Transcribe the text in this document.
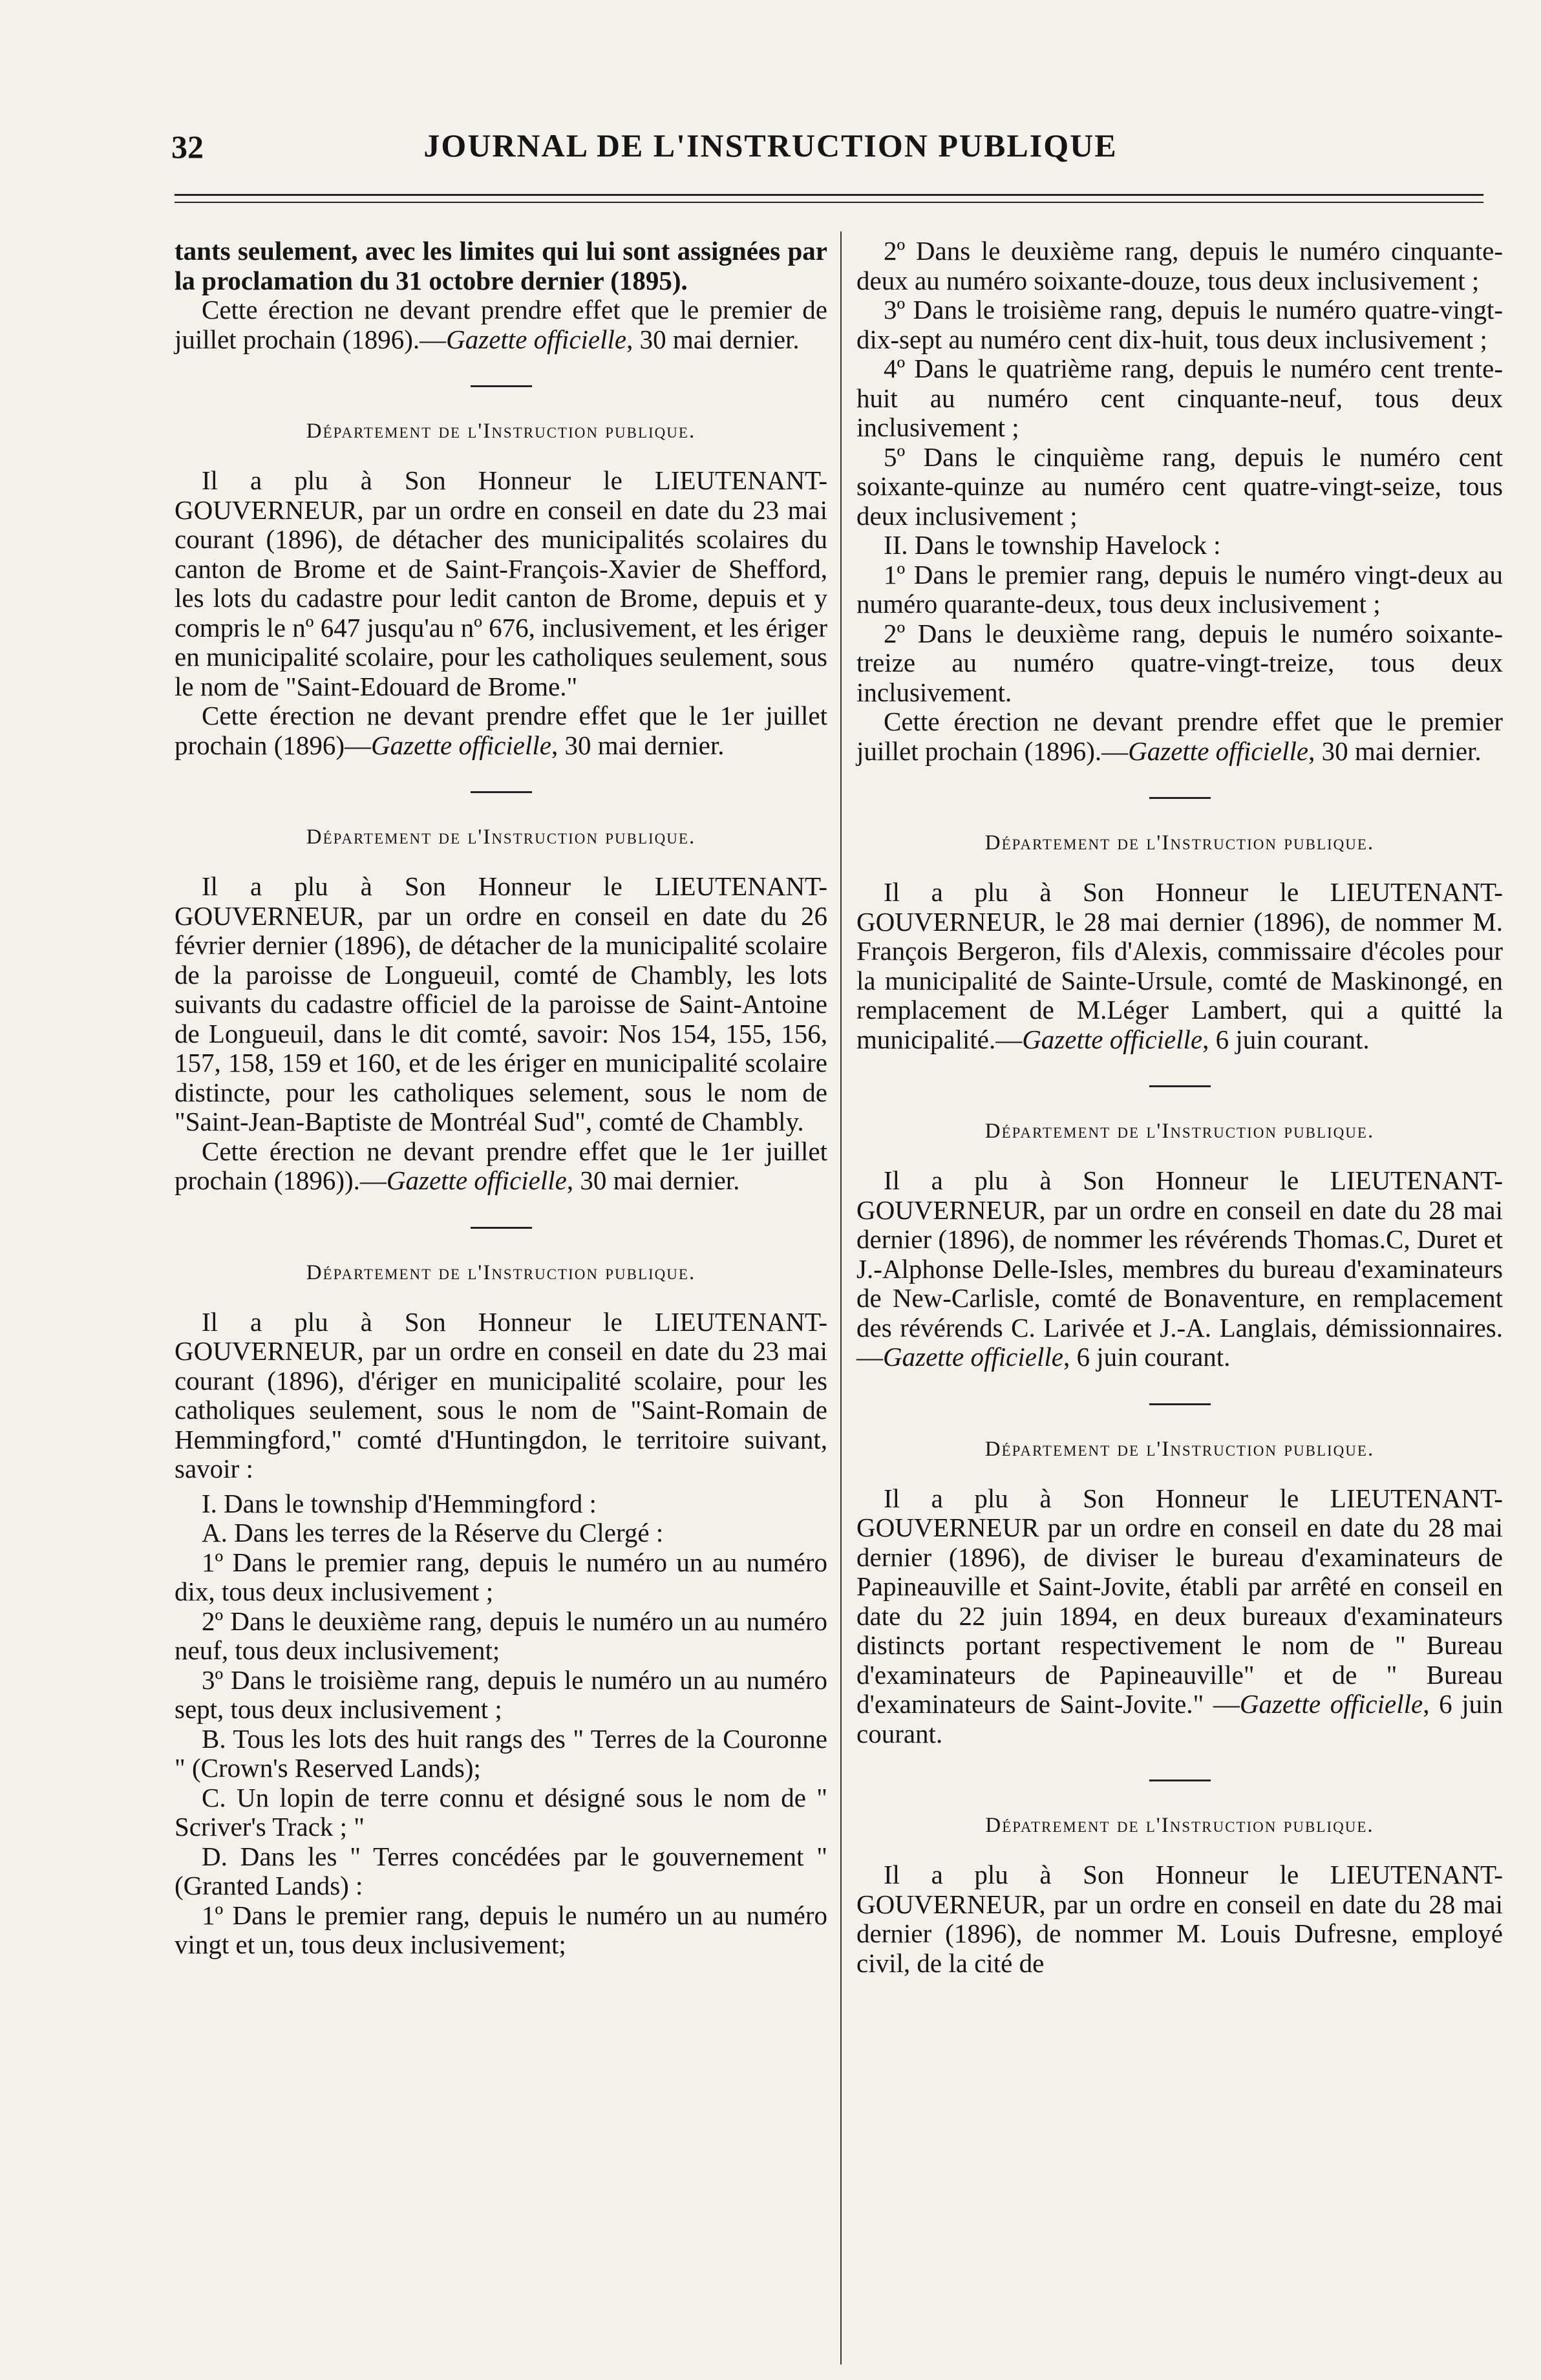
32	JOURNAL DE L'INSTRUCTION PUBLIQUE

tants seulement, avec les limites qui lui sont assignées par la proclamation du 31 octobre dernier (1895).

Cette érection ne devant prendre effet que le premier de juillet prochain (1896).—Gazette officielle, 30 mai dernier.

Département de l'Instruction publique.

Il a plu à Son Honneur le LIEUTENANT-GOUVERNEUR, par un ordre en conseil en date du 23 mai courant (1896), de détacher des municipalités scolaires du canton de Brome et de Saint-François-Xavier de Shefford, les lots du cadastre pour ledit canton de Brome, depuis et y compris le nº 647 jusqu'au nº 676, inclusivement, et les ériger en municipalité scolaire, pour les catholiques seulement, sous le nom de "Saint-Edouard de Brome."

Cette érection ne devant prendre effet que le 1er juillet prochain (1896)—Gazette officielle, 30 mai dernier.

Département de l'Instruction publique.

Il a plu à Son Honneur le LIEUTENANT-GOUVERNEUR, par un ordre en conseil en date du 26 février dernier (1896), de détacher de la municipalité scolaire de la paroisse de Longueuil, comté de Chambly, les lots suivants du cadastre officiel de la paroisse de Saint-Antoine de Longueuil, dans le dit comté, savoir: Nos 154, 155, 156, 157, 158, 159 et 160, et de les ériger en municipalité scolaire distincte, pour les catholiques selement, sous le nom de "Saint-Jean-Baptiste de Montréal Sud", comté de Chambly.

Cette érection ne devant prendre effet que le 1er juillet prochain (1896)).—Gazette officielle, 30 mai dernier.

Département de l'Instruction publique.

Il a plu à Son Honneur le LIEUTENANT-GOUVERNEUR, par un ordre en conseil en date du 23 mai courant (1896), d'ériger en municipalité scolaire, pour les catholiques seulement, sous le nom de "Saint-Romain de Hemmingford," comté d'Huntingdon, le territoire suivant, savoir :

I. Dans le township d'Hemmingford :

A. Dans les terres de la Réserve du Clergé :

1º Dans le premier rang, depuis le numéro un au numéro dix, tous deux inclusivement ;

2º Dans le deuxième rang, depuis le numéro un au numéro neuf, tous deux inclusivement;

3º Dans le troisième rang, depuis le numéro un au numéro sept, tous deux inclusivement ;

B. Tous les lots des huit rangs des " Terres de la Couronne " (Crown's Reserved Lands);

C. Un lopin de terre connu et désigné sous le nom de " Scriver's Track ; "

D. Dans les " Terres concédées par le gouvernement " (Granted Lands) :

1º Dans le premier rang, depuis le numéro un au numéro vingt et un, tous deux inclusivement;

2º Dans le deuxième rang, depuis le numéro cinquante-deux au numéro soixante-douze, tous deux inclusivement ;

3º Dans le troisième rang, depuis le numéro quatre-vingt-dix-sept au numéro cent dix-huit, tous deux inclusivement ;

4º Dans le quatrième rang, depuis le numéro cent trente-huit au numéro cent cinquante-neuf, tous deux inclusivement ;

5º Dans le cinquième rang, depuis le numéro cent soixante-quinze au numéro cent quatre-vingt-seize, tous deux inclusivement ;

II. Dans le township Havelock :

1º Dans le premier rang, depuis le numéro vingt-deux au numéro quarante-deux, tous deux inclusivement ;

2º Dans le deuxième rang, depuis le numéro soixante-treize au numéro quatre-vingt-treize, tous deux inclusivement.

Cette érection ne devant prendre effet que le premier juillet prochain (1896).—Gazette officielle, 30 mai dernier.

Département de l'Instruction publique.

Il a plu à Son Honneur le LIEUTENANT-GOUVERNEUR, le 28 mai dernier (1896), de nommer M. François Bergeron, fils d'Alexis, commissaire d'écoles pour la municipalité de Sainte-Ursule, comté de Maskinongé, en remplacement de M.Léger Lambert, qui a quitté la municipalité.—Gazette officielle, 6 juin courant.

Département de l'Instruction publique.

Il a plu à Son Honneur le LIEUTENANT-GOUVERNEUR, par un ordre en conseil en date du 28 mai dernier (1896), de nommer les révérends Thomas.C, Duret et J.-Alphonse Delle-Isles, membres du bureau d'examinateurs de New-Carlisle, comté de Bonaventure, en remplacement des révérends C. Larivée et J.-A. Langlais, démissionnaires.—Gazette officielle, 6 juin courant.

Département de l'Instruction publique.

Il a plu à Son Honneur le LIEUTENANT-GOUVERNEUR par un ordre en conseil en date du 28 mai dernier (1896), de diviser le bureau d'examinateurs de Papineauville et Saint-Jovite, établi par arrêté en conseil en date du 22 juin 1894, en deux bureaux d'examinateurs distincts portant respectivement le nom de " Bureau d'examinateurs de Papineauville" et de " Bureau d'examinateurs de Saint-Jovite." —Gazette officielle, 6 juin courant.

Dépatrement de l'Instruction publique.

Il a plu à Son Honneur le LIEUTENANT-GOUVERNEUR, par un ordre en conseil en date du 28 mai dernier (1896), de nommer M. Louis Dufresne, employé civil, de la cité de
